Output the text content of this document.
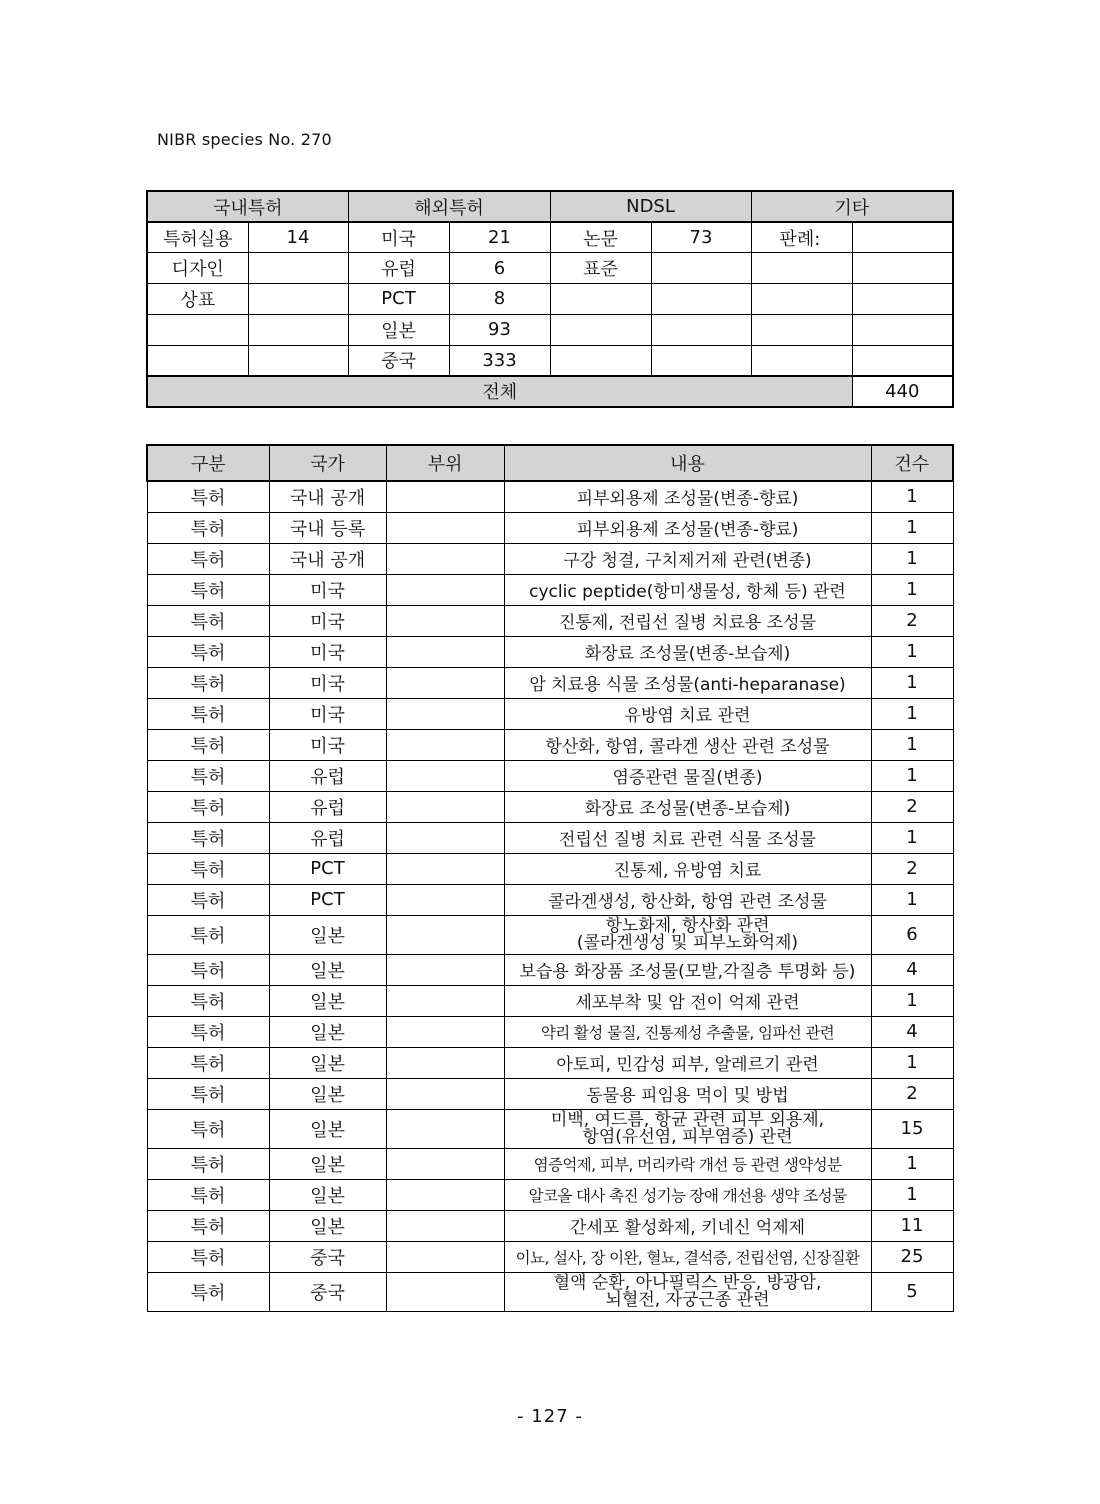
NIBR species No. 270
국내특허		해외특허		NDSL		기타	
특허실용	14	미국	21	논문	73	판례:	
디자인		유럽	6	표준			
상표		PCT	8				
		일본	93				
		중국	333				
전체							440
구분	국가	부위	내용	건수
특허	국내 공개		피부외용제 조성물(변종-향료)	1
특허	국내 등록		피부외용제 조성물(변종-향료)	1
특허	국내 공개		구강 청결, 구치제거제 관련(변종)	1
특허	미국		cyclic peptide(항미생물성, 항체 등) 관련	1
특허	미국		진통제, 전립선 질병 치료용 조성물	2
특허	미국		화장료 조성물(변종-보습제)	1
특허	미국		암 치료용 식물 조성물(anti-heparanase)	1
특허	미국		유방염 치료 관련	1
특허	미국		항산화, 항염, 콜라겐 생산 관련 조성물	1
특허	유럽		염증관련 물질(변종)	1
특허	유럽		화장료 조성물(변종-보습제)	2
특허	유럽		전립선 질병 치료 관련 식물 조성물	1
특허	PCT		진통제, 유방염 치료	2
특허	PCT		콜라겐생성, 항산화, 항염 관련 조성물	1
특허	일본		항노화제, 항산화 관련
(콜라겐생성 및 피부노화억제)	6
특허	일본		보습용 화장품 조성물(모발,각질층 투명화 등)	4
특허	일본		세포부착 및 암 전이 억제 관련	1
특허	일본		약리 활성 물질, 진통제성 추출물, 임파선 관련	4
특허	일본		아토피, 민감성 피부, 알레르기 관련	1
특허	일본		동물용 피임용 먹이 및 방법	2
특허	일본		미백, 여드름, 항균 관련 피부 외용제,
항염(유선염, 피부염증) 관련	15
특허	일본		염증억제, 피부, 머리카락 개선 등 관련 생약성분	1
특허	일본		알코올 대사 촉진 성기능 장애 개선용 생약 조성물	1
특허	일본		간세포 활성화제, 키네신 억제제	11
특허	중국		이뇨, 설사, 장 이완, 혈뇨, 결석증, 전립선염, 신장질환	25
특허	중국		혈액 순환, 아나필릭스 반응, 방광암,
뇌혈전, 자궁근종 관련	5
- 127 -
